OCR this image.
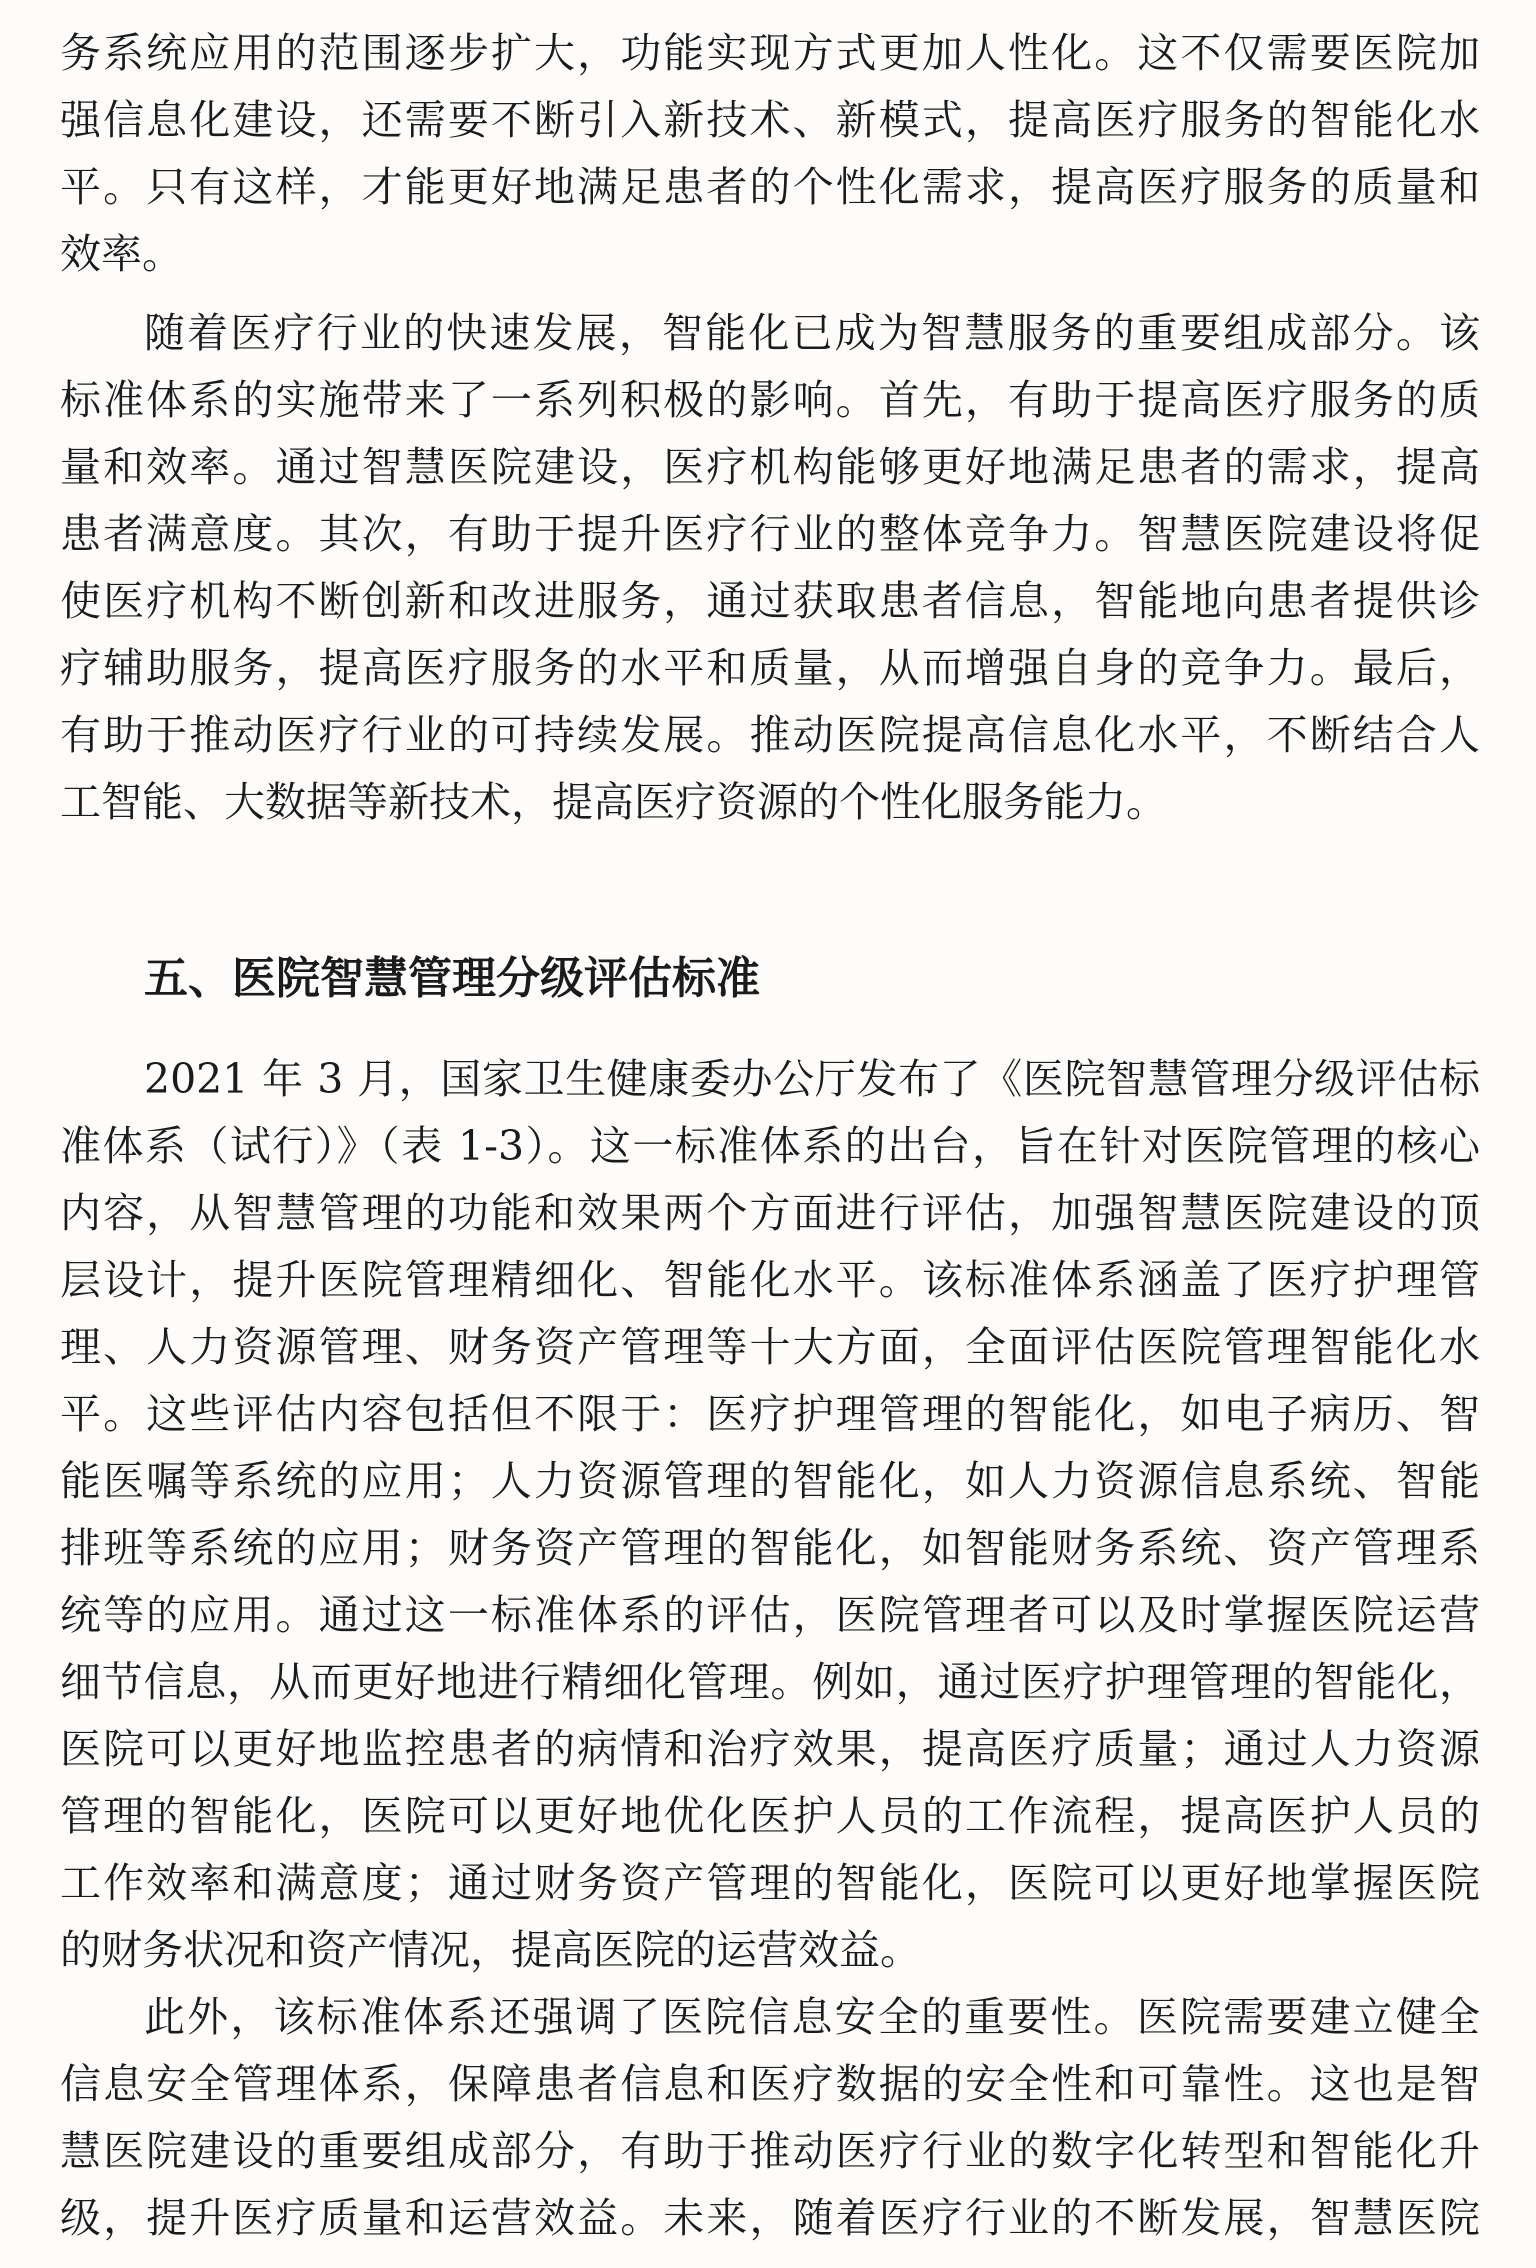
务系统应用的范围逐步扩大，功能实现方式更加人性化。这不仅需要医院加
强信息化建设，还需要不断引入新技术、新模式，提高医疗服务的智能化水
平。只有这样，才能更好地满足患者的个性化需求，提高医疗服务的质量和
效率。
随着医疗行业的快速发展，智能化已成为智慧服务的重要组成部分。该
标准体系的实施带来了一系列积极的影响。首先，有助于提高医疗服务的质
量和效率。通过智慧医院建设，医疗机构能够更好地满足患者的需求，提高
患者满意度。其次，有助于提升医疗行业的整体竞争力。智慧医院建设将促
使医疗机构不断创新和改进服务，通过获取患者信息，智能地向患者提供诊
疗辅助服务，提高医疗服务的水平和质量，从而增强自身的竞争力。最后，
有助于推动医疗行业的可持续发展。推动医院提高信息化水平，不断结合人
工智能、大数据等新技术，提高医疗资源的个性化服务能力。
五、医院智慧管理分级评估标准
2021 年 3 月，国家卫生健康委办公厅发布了《医院智慧管理分级评估标
准体系（试行）》（表 1-3）。这一标准体系的出台，旨在针对医院管理的核心
内容，从智慧管理的功能和效果两个方面进行评估，加强智慧医院建设的顶
层设计，提升医院管理精细化、智能化水平。该标准体系涵盖了医疗护理管
理、人力资源管理、财务资产管理等十大方面，全面评估医院管理智能化水
平。这些评估内容包括但不限于：医疗护理管理的智能化，如电子病历、智
能医嘱等系统的应用；人力资源管理的智能化，如人力资源信息系统、智能
排班等系统的应用；财务资产管理的智能化，如智能财务系统、资产管理系
统等的应用。通过这一标准体系的评估，医院管理者可以及时掌握医院运营
细节信息，从而更好地进行精细化管理。例如，通过医疗护理管理的智能化，
医院可以更好地监控患者的病情和治疗效果，提高医疗质量；通过人力资源
管理的智能化，医院可以更好地优化医护人员的工作流程，提高医护人员的
工作效率和满意度；通过财务资产管理的智能化，医院可以更好地掌握医院
的财务状况和资产情况，提高医院的运营效益。
此外，该标准体系还强调了医院信息安全的重要性。医院需要建立健全
信息安全管理体系，保障患者信息和医疗数据的安全性和可靠性。这也是智
慧医院建设的重要组成部分，有助于推动医疗行业的数字化转型和智能化升
级，提升医疗质量和运营效益。未来，随着医疗行业的不断发展，智慧医院
